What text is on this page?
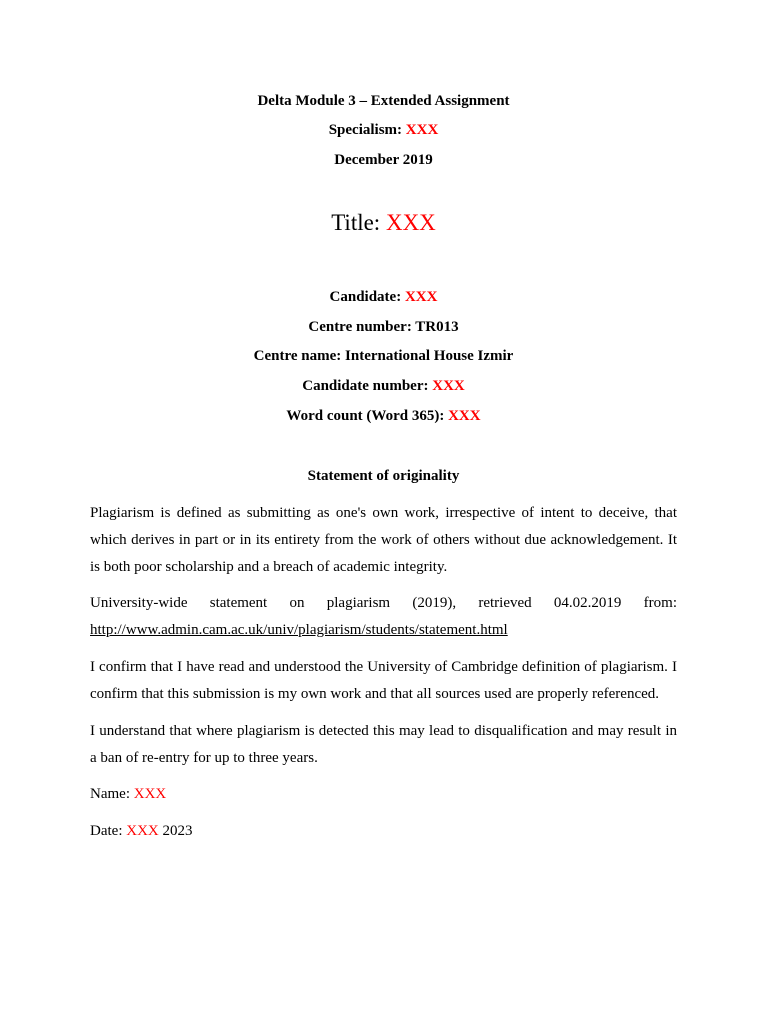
Delta Module 3 – Extended Assignment
Specialism: XXX
December 2019
Title: XXX
Candidate: XXX
Centre number: TR013
Centre name: International House Izmir
Candidate number: XXX
Word count (Word 365): XXX
Statement of originality

Plagiarism is defined as submitting as one's own work, irrespective of intent to deceive, that which derives in part or in its entirety from the work of others without due acknowledgement. It is both poor scholarship and a breach of academic integrity.

University-wide statement on plagiarism (2019), retrieved 04.02.2019 from:

http://www.admin.cam.ac.uk/univ/plagiarism/students/statement.html

I confirm that I have read and understood the University of Cambridge definition of plagiarism. I confirm that this submission is my own work and that all sources used are properly referenced.

I understand that where plagiarism is detected this may lead to disqualification and may result in a ban of re-entry for up to three years.

Name: XXX

Date: XXX 2023
